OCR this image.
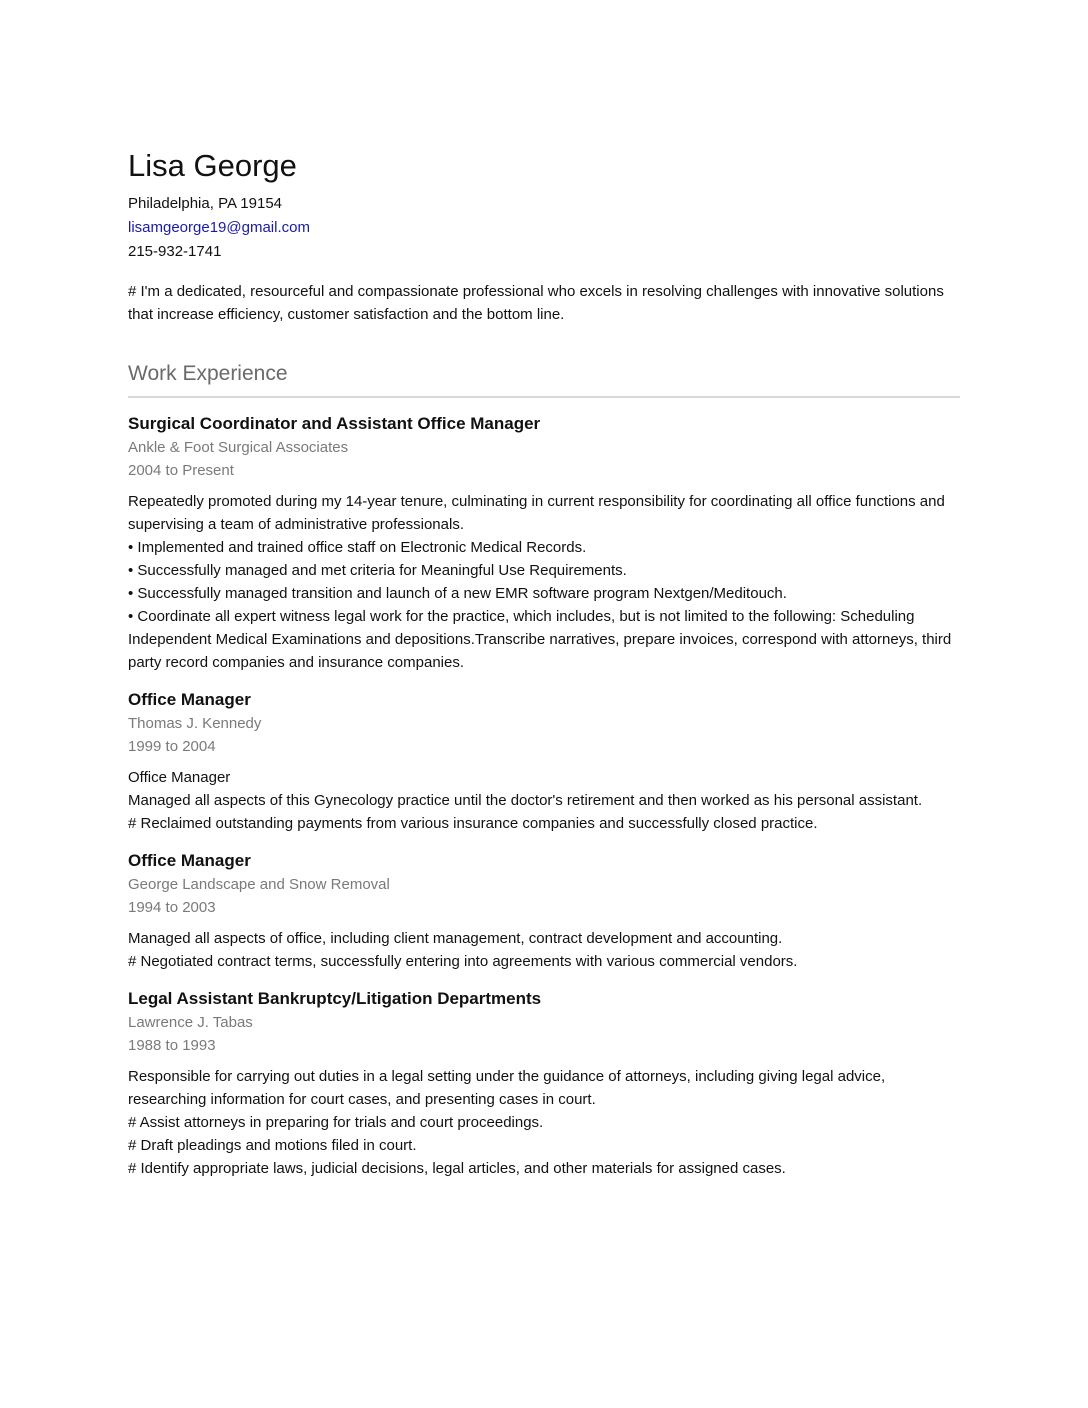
Lisa George
Philadelphia, PA 19154
lisamgeorge19@gmail.com
215-932-1741
# I'm a dedicated, resourceful and compassionate professional who excels in resolving challenges with innovative solutions that increase efficiency, customer satisfaction and the bottom line.
Work Experience
Surgical Coordinator and Assistant Office Manager
Ankle & Foot Surgical Associates
2004 to Present
Repeatedly promoted during my 14-year tenure, culminating in current responsibility for coordinating all office functions and supervising a team of administrative professionals.
• Implemented and trained office staff on Electronic Medical Records.
• Successfully managed and met criteria for Meaningful Use Requirements.
• Successfully managed transition and launch of a new EMR software program Nextgen/Meditouch.
• Coordinate all expert witness legal work for the practice, which includes, but is not limited to the following: Scheduling Independent Medical Examinations and depositions.Transcribe narratives, prepare invoices, correspond with attorneys, third party record companies and insurance companies.
Office Manager
Thomas J. Kennedy
1999 to 2004
Office Manager
Managed all aspects of this Gynecology practice until the doctor's retirement and then worked as his personal assistant.
# Reclaimed outstanding payments from various insurance companies and successfully closed practice.
Office Manager
George Landscape and Snow Removal
1994 to 2003
Managed all aspects of office, including client management, contract development and accounting.
# Negotiated contract terms, successfully entering into agreements with various commercial vendors.
Legal Assistant Bankruptcy/Litigation Departments
Lawrence J. Tabas
1988 to 1993
Responsible for carrying out duties in a legal setting under the guidance of attorneys, including giving legal advice, researching information for court cases, and presenting cases in court.
# Assist attorneys in preparing for trials and court proceedings.
# Draft pleadings and motions filed in court.
# Identify appropriate laws, judicial decisions, legal articles, and other materials for assigned cases.
